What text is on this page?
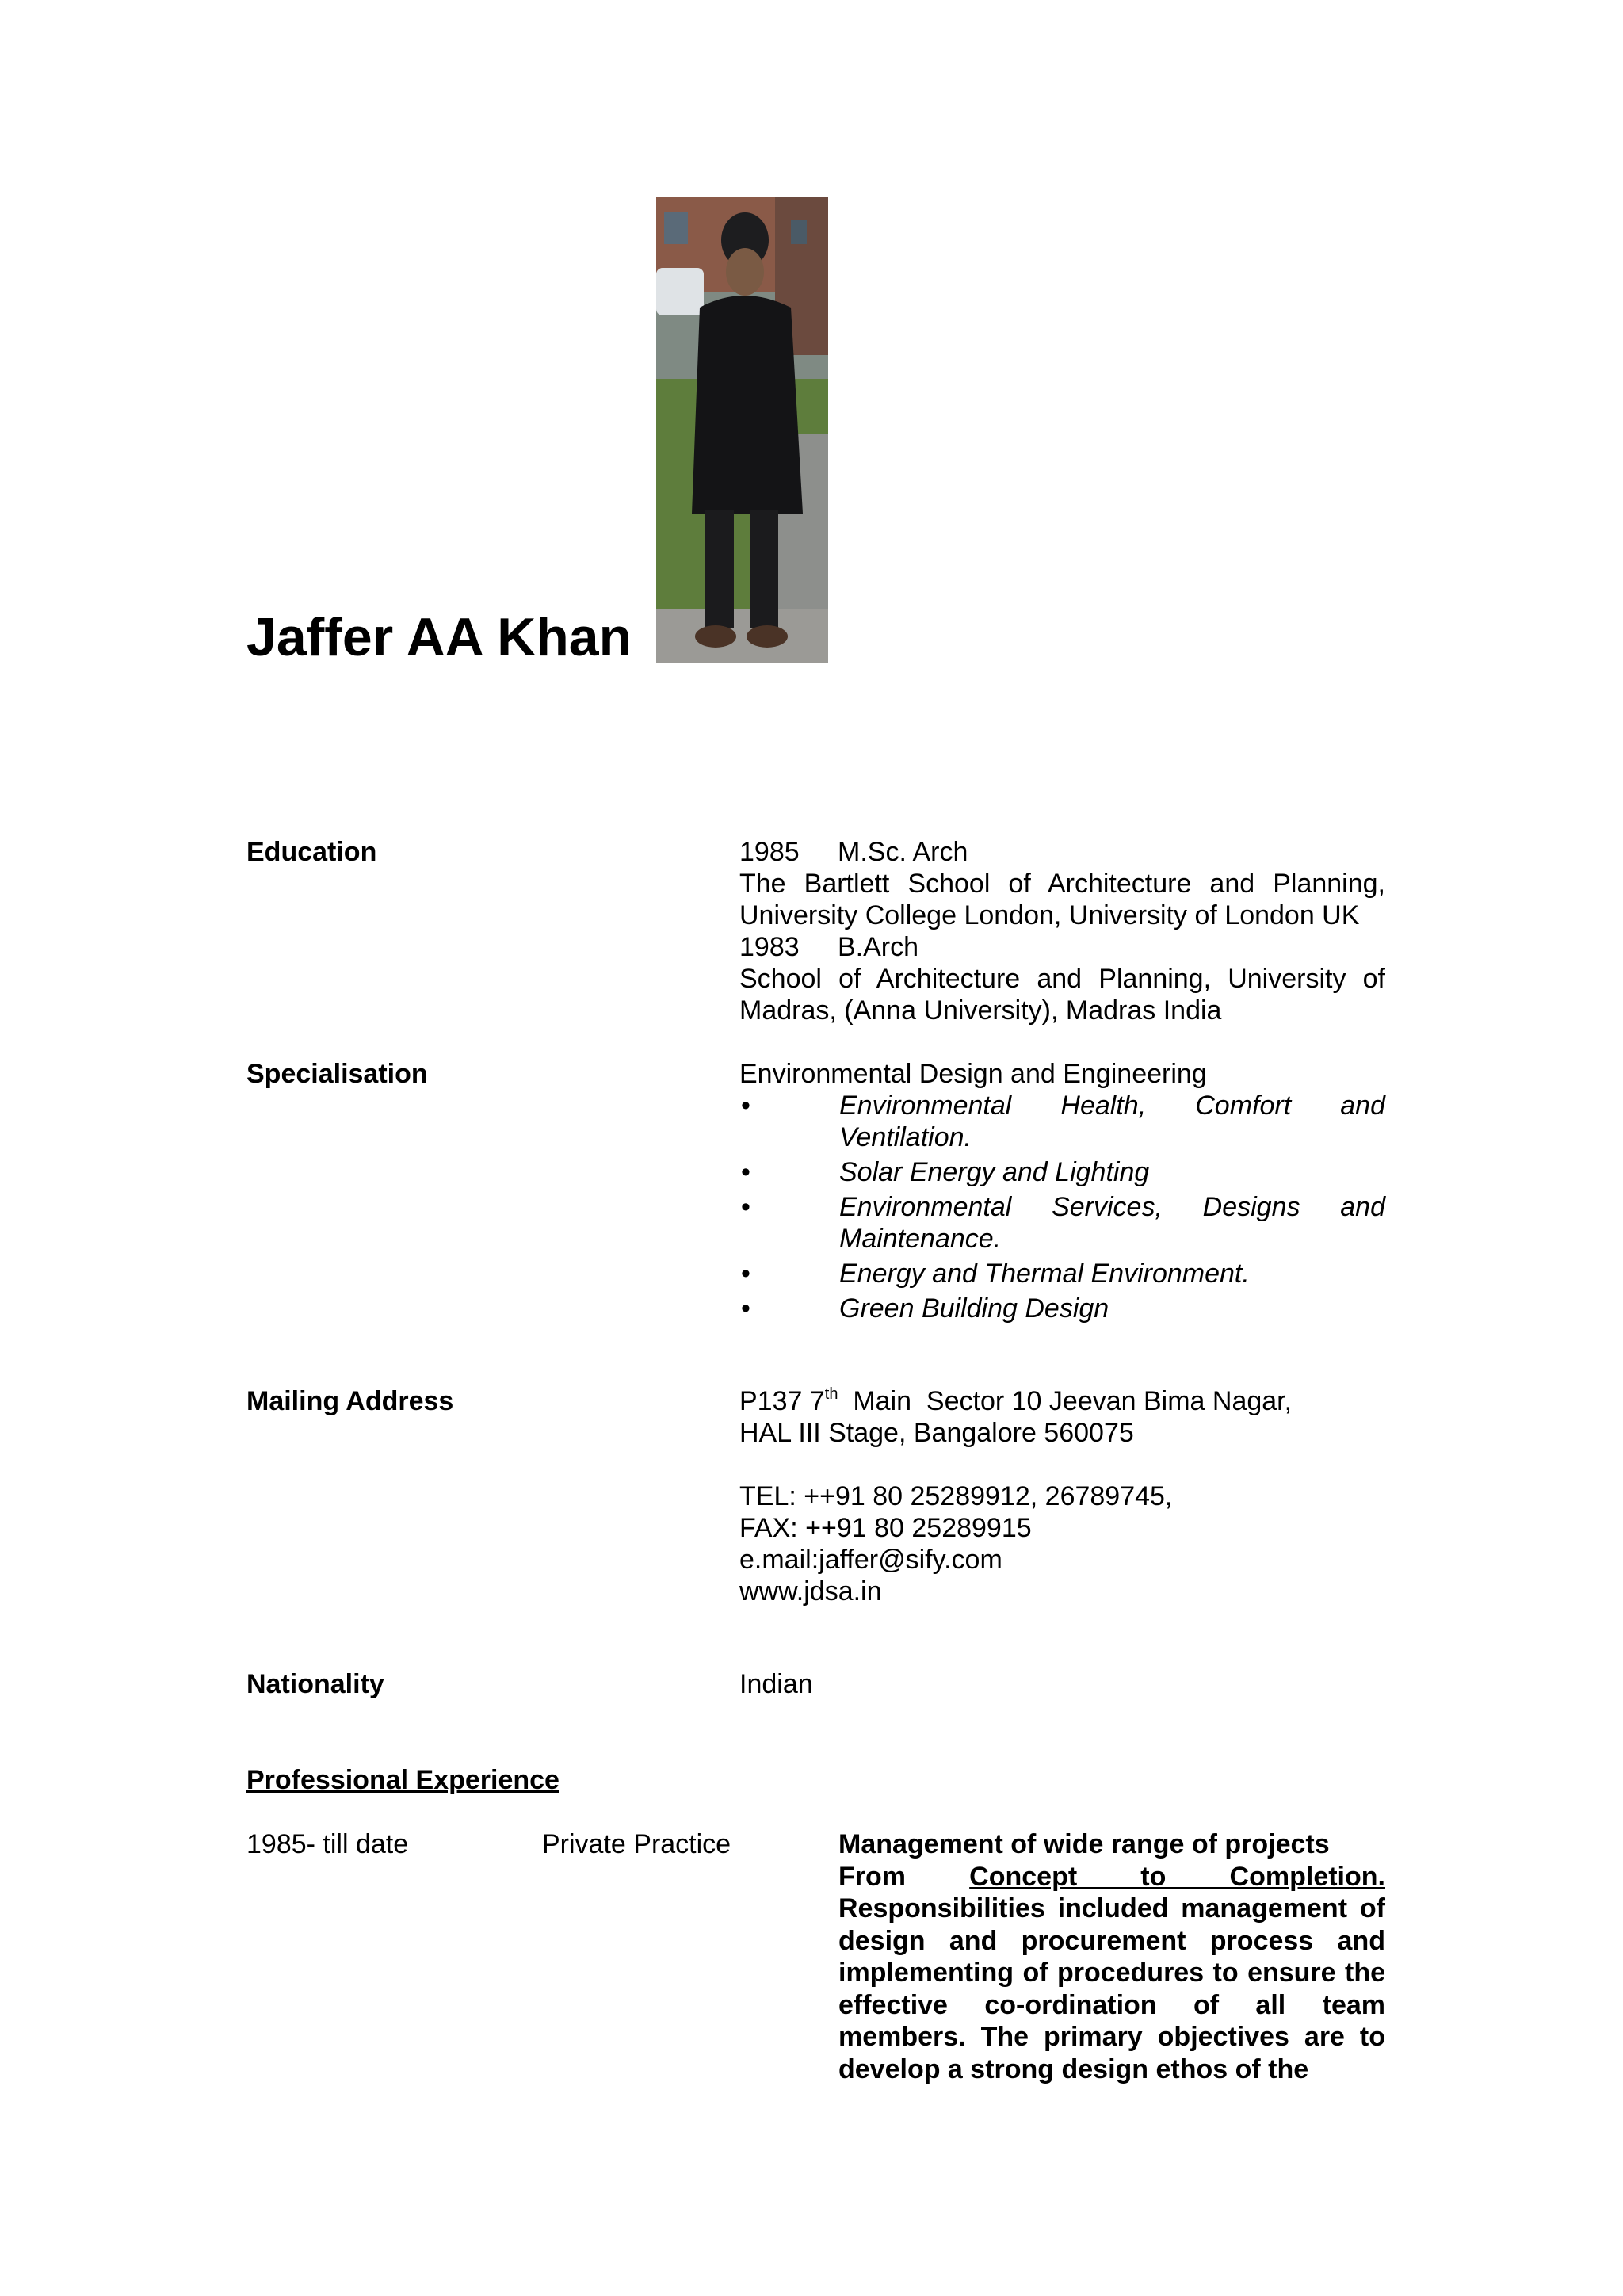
Jaffer AA Khan
Education	1985 M.Sc. Arch
The Bartlett School of Architecture and Planning,
University College London, University of London UK
1983 B.Arch
School of Architecture and Planning, University of
Madras, (Anna University), Madras India
Specialisation	Environmental Design and Engineering
•	Environmental Health, Comfort and Ventilation.
•	Solar Energy and Lighting
•	Environmental Services, Designs and Maintenance.
•	Energy and Thermal Environment.
•	Green Building Design
Mailing Address	P137 7th  Main  Sector 10 Jeevan Bima Nagar,
HAL III Stage, Bangalore 560075
TEL: ++91 80 25289912, 26789745,
FAX: ++91 80 25289915
e.mail:jaffer@sify.com
www.jdsa.in
Nationality	Indian
Professional Experience
1985- till date	Private Practice	Management of wide range of projects
From Concept to Completion.
Responsibilities included management of design and procurement process and implementing of procedures to ensure the effective co-ordination of all team members. The primary objectives are to develop a strong design ethos of the
